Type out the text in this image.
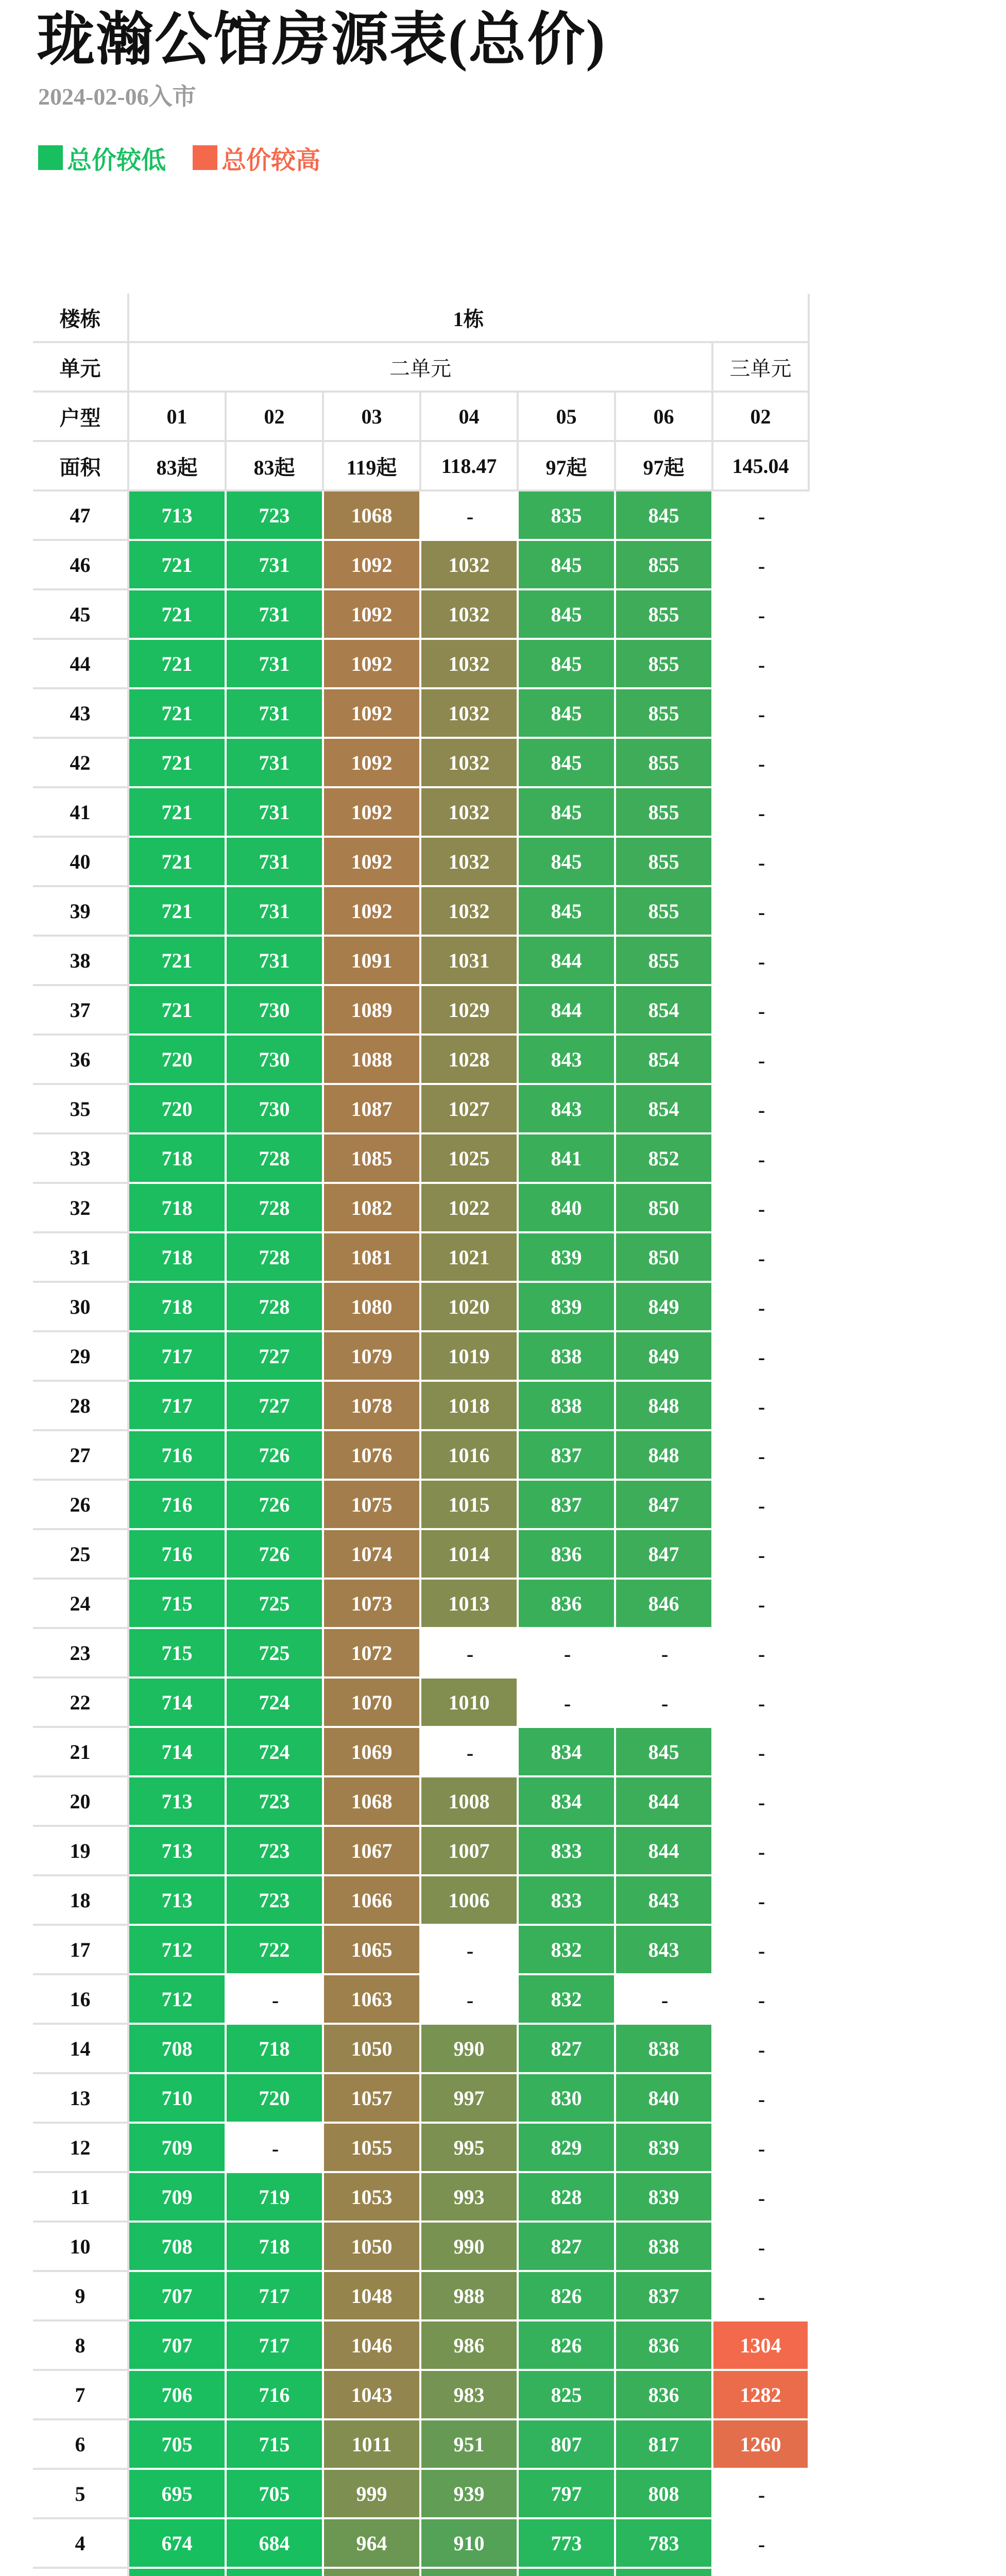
珑瀚公馆房源表(总价)
2024-02-06入市
总价较低 总价较高
楼栋	1栋
单元	二单元	三单元
户型	01	02	03	04	05	06	02
面积	83起	83起	119起	118.47	97起	97起	145.04
47	713	723	1068	-	835	845	-
46	721	731	1092	1032	845	855	-
45	721	731	1092	1032	845	855	-
44	721	731	1092	1032	845	855	-
43	721	731	1092	1032	845	855	-
42	721	731	1092	1032	845	855	-
41	721	731	1092	1032	845	855	-
40	721	731	1092	1032	845	855	-
39	721	731	1092	1032	845	855	-
38	721	731	1091	1031	844	855	-
37	721	730	1089	1029	844	854	-
36	720	730	1088	1028	843	854	-
35	720	730	1087	1027	843	854	-
33	718	728	1085	1025	841	852	-
32	718	728	1082	1022	840	850	-
31	718	728	1081	1021	839	850	-
30	718	728	1080	1020	839	849	-
29	717	727	1079	1019	838	849	-
28	717	727	1078	1018	838	848	-
27	716	726	1076	1016	837	848	-
26	716	726	1075	1015	837	847	-
25	716	726	1074	1014	836	847	-
24	715	725	1073	1013	836	846	-
23	715	725	1072	-	-	-	-
22	714	724	1070	1010	-	-	-
21	714	724	1069	-	834	845	-
20	713	723	1068	1008	834	844	-
19	713	723	1067	1007	833	844	-
18	713	723	1066	1006	833	843	-
17	712	722	1065	-	832	843	-
16	712	-	1063	-	832	-	-
14	708	718	1050	990	827	838	-
13	710	720	1057	997	830	840	-
12	709	-	1055	995	829	839	-
11	709	719	1053	993	828	839	-
10	708	718	1050	990	827	838	-
9	707	717	1048	988	826	837	-
8	707	717	1046	986	826	836	1304
7	706	716	1043	983	825	836	1282
6	705	715	1011	951	807	817	1260
5	695	705	999	939	797	808	-
4	674	684	964	910	773	783	-
